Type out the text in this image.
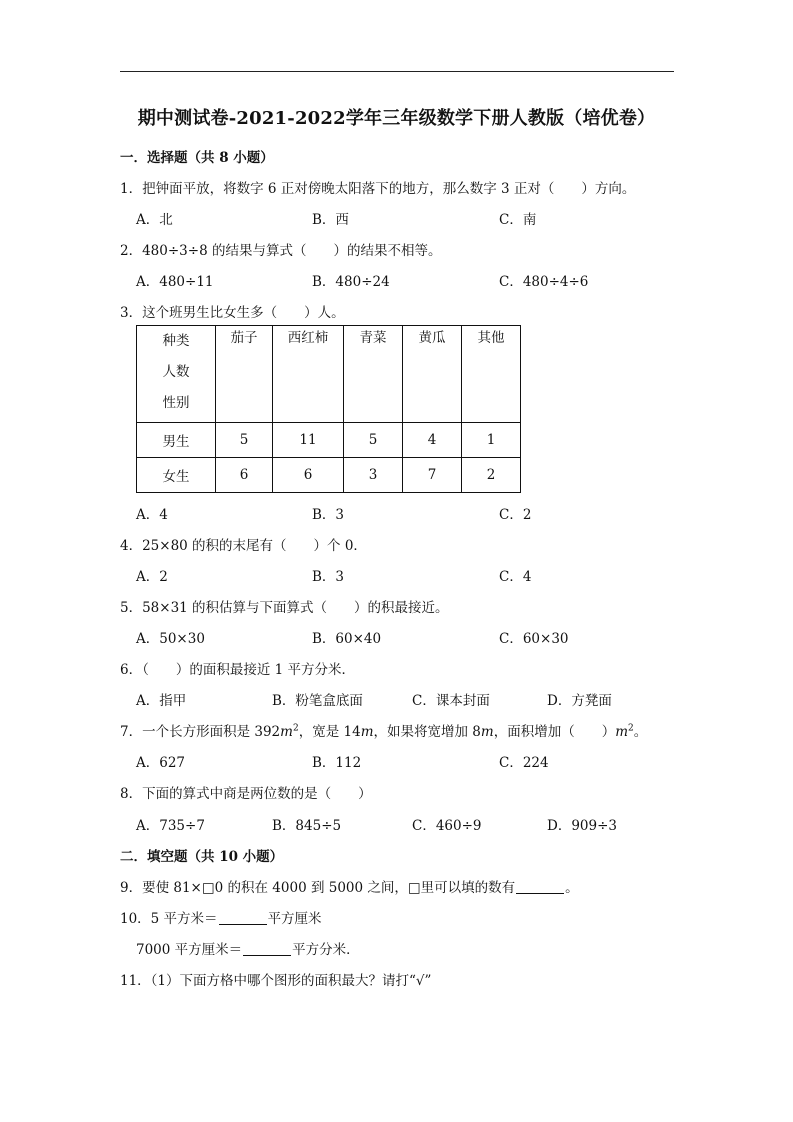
期中测试卷-2021-2022学年三年级数学下册人教版（培优卷）
一．选择题（共 8 小题）
1．把钟面平放，将数字 6 正对傍晚太阳落下的地方，那么数字 3 正对（　　）方向。
A．北	B．西	C．南
2．480÷3÷8 的结果与算式（　　）的结果不相等。
A．480÷11	B．480÷24	C．480÷4÷6
3．这个班男生比女生多（　　）人。
种类
人数
性别	茄子	西红柿	青菜	黄瓜	其他
男生	5	11	5	4	1
女生	6	6	3	7	2
A．4	B．3	C．2
4．25×80 的积的末尾有（　　）个 0．
A．2	B．3	C．4
5．58×31 的积估算与下面算式（　　）的积最接近。
A．50×30	B．60×40	C．60×30
6．（　　）的面积最接近 1 平方分米．
A．指甲	B．粉笔盒底面	C．课本封面	D．方凳面
7．一个长方形面积是 $392m^2$，宽是 14m，如果将宽增加 8m，面积增加（　　）$m^2$。
A．627	B．112	C．224
8．下面的算式中商是两位数的是（　　）
A．735÷7	B．845÷5	C．460÷9	D．909÷3
二．填空题（共 10 小题）
9．要使 81×□0 的积在 4000 到 5000 之间，□里可以填的数有	。
10．5 平方米＝	平方厘米
7000 平方厘米＝	平方分米．
11．（1）下面方格中哪个图形的面积最大？请打“√”
